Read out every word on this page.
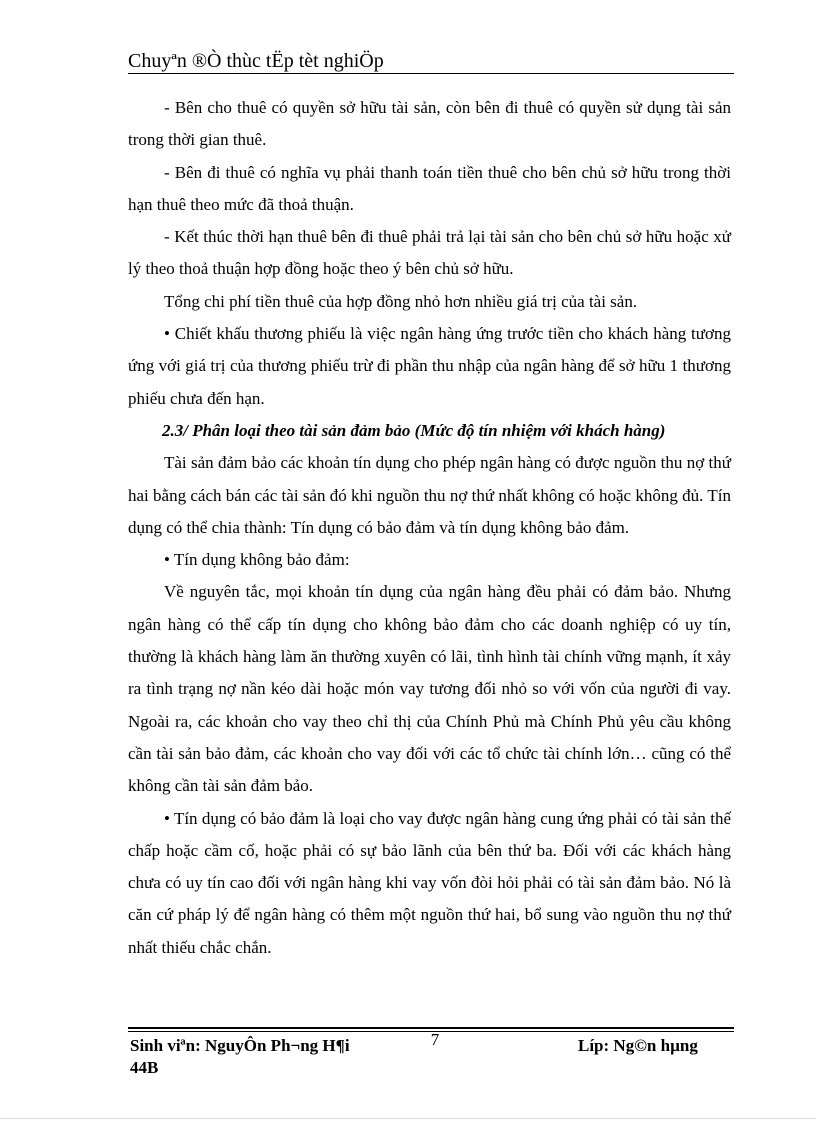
Chuyªn ®Ò thùc tËp tèt nghiÖp

- Bên cho thuê có quyền sở hữu tài sản, còn bên đi thuê có quyền sử dụng tài sản trong thời gian thuê.

- Bên đi thuê có nghĩa vụ phải thanh toán tiền thuê cho bên chủ sở hữu trong thời hạn thuê theo mức đã thoả thuận.

- Kết thúc thời hạn thuê bên đi thuê phải trả lại tài sản cho bên chủ sở hữu hoặc xử lý theo thoả thuận hợp đồng hoặc theo ý bên chủ sở hữu.

Tổng chi phí tiền thuê của hợp đồng nhỏ hơn nhiều giá trị của tài sản.

• Chiết khấu thương phiếu là việc ngân hàng ứng trước tiền cho khách hàng tương ứng với giá trị của thương phiếu trừ đi phần thu nhập của ngân hàng để sở hữu 1 thương phiếu chưa đến hạn.

2.3/ Phân loại theo tài sản đảm bảo (Mức độ tín nhiệm với khách hàng)

Tài sản đảm bảo các khoản tín dụng cho phép ngân hàng có được nguồn thu nợ thứ hai bằng cách bán các tài sản đó khi nguồn thu nợ thứ nhất không có hoặc không đủ. Tín dụng có thể chia thành: Tín dụng có bảo đảm và tín dụng không bảo đảm.

• Tín dụng không bảo đảm:

Về nguyên tắc, mọi khoản tín dụng của ngân hàng đều phải có đảm bảo. Nhưng ngân hàng có thể cấp tín dụng cho không bảo đảm cho các doanh nghiệp có uy tín, thường là khách hàng làm ăn thường xuyên có lãi, tình hình tài chính vững mạnh, ít xảy ra tình trạng nợ nần kéo dài hoặc món vay tương đối nhỏ so với vốn của người đi vay. Ngoài ra, các khoản cho vay theo chỉ thị của Chính Phủ mà Chính Phủ yêu cầu không cần tài sản bảo đảm, các khoản cho vay đối với các tổ chức tài chính lớn… cũng có thể không cần tài sản đảm bảo.

• Tín dụng có bảo đảm là loại cho vay được ngân hàng cung ứng phải có tài sản thế chấp hoặc cầm cố, hoặc phải có sự bảo lãnh của bên thứ ba. Đối với các khách hàng chưa có uy tín cao đối với ngân hàng khi vay vốn đòi hỏi phải có tài sản đảm bảo. Nó là căn cứ pháp lý để ngân hàng có thêm một nguồn thứ hai, bổ sung vào nguồn thu nợ thứ nhất thiếu chắc chắn.

Sinh viªn: NguyÔn Ph¬ng H¶i
44B
7	Líp: Ng©n hµng
